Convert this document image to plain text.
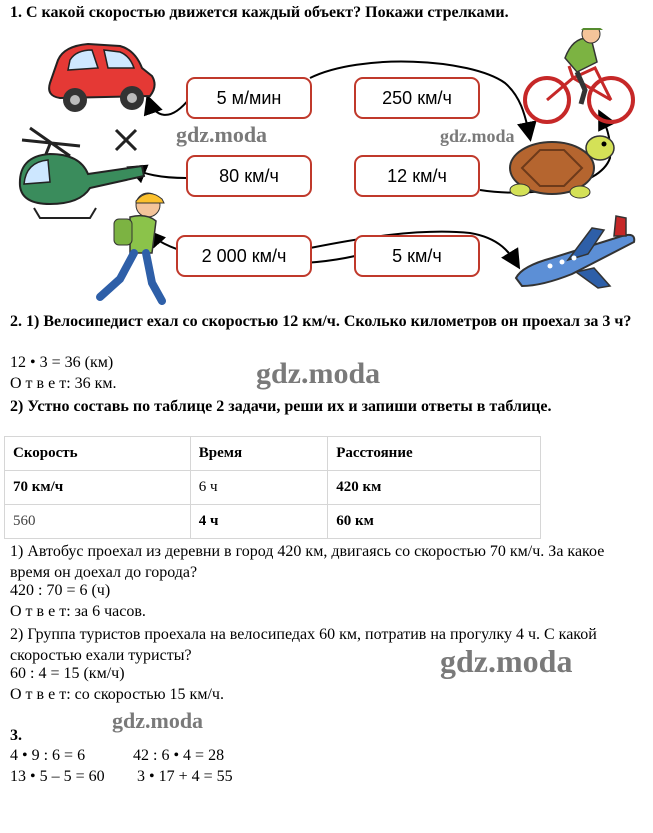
1. С какой скоростью движется каждый объект? Покажи стрелками.
5 м/мин	250 км/ч
80 км/ч	12 км/ч
2 000 км/ч	5 км/ч
gdz.moda	gdz.moda
2. 1) Велосипедист ехал со скоростью 12 км/ч. Сколько километров он проехал за 3 ч?
12 • 3 = 36 (км)
О т в е т: 36 км.	gdz.moda
2) Устно составь по таблице 2 задачи, реши их и запиши ответы в таблице.
Скорость	Время	Расстояние
70 км/ч	6 ч	420 км
560	4 ч	60 км
1) Автобус проехал из деревни в город 420 км, двигаясь со скоростью 70 км/ч. За какое время он доехал до города?
420 : 70 = 6 (ч)
О т в е т: за 6 часов.
2) Группа туристов проехала на велосипедах 60 км, потратив на прогулку 4 ч. С какой скоростью ехали туристы?
60 : 4 = 15 (км/ч)
О т в е т: со скоростью 15 км/ч.
gdz.moda
gdz.moda
3.
4 • 9 : 6 = 6	42 : 6 • 4 = 28
13 • 5 – 5 = 60 3 • 17 + 4 = 55
